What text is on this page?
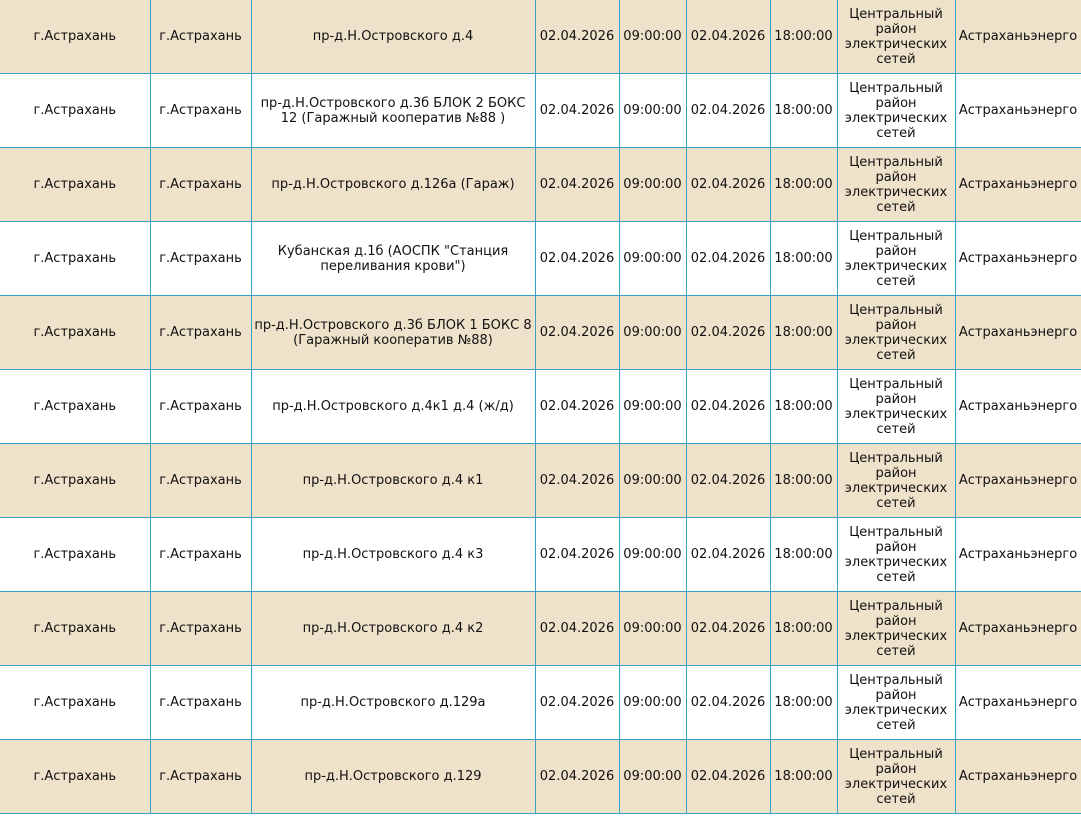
г.Астрахань	г.Астрахань	пр-д.Н.Островского д.4	02.04.2026	09:00:00	02.04.2026	18:00:00	Центральный район электрических сетей	Астраханьэнерго
г.Астрахань	г.Астрахань	пр-д.Н.Островского д.3б БЛОК 2 БОКС 12 (Гаражный кооператив №88 )	02.04.2026	09:00:00	02.04.2026	18:00:00	Центральный район электрических сетей	Астраханьэнерго
г.Астрахань	г.Астрахань	пр-д.Н.Островского д.126а (Гараж)	02.04.2026	09:00:00	02.04.2026	18:00:00	Центральный район электрических сетей	Астраханьэнерго
г.Астрахань	г.Астрахань	Кубанская д.1б (АОСПК "Станция переливания крови")	02.04.2026	09:00:00	02.04.2026	18:00:00	Центральный район электрических сетей	Астраханьэнерго
г.Астрахань	г.Астрахань	пр-д.Н.Островского д.3б БЛОК 1 БОКС 8 (Гаражный кооператив №88)	02.04.2026	09:00:00	02.04.2026	18:00:00	Центральный район электрических сетей	Астраханьэнерго
г.Астрахань	г.Астрахань	пр-д.Н.Островского д.4к1 д.4 (ж/д)	02.04.2026	09:00:00	02.04.2026	18:00:00	Центральный район электрических сетей	Астраханьэнерго
г.Астрахань	г.Астрахань	пр-д.Н.Островского д.4 к1	02.04.2026	09:00:00	02.04.2026	18:00:00	Центральный район электрических сетей	Астраханьэнерго
г.Астрахань	г.Астрахань	пр-д.Н.Островского д.4 к3	02.04.2026	09:00:00	02.04.2026	18:00:00	Центральный район электрических сетей	Астраханьэнерго
г.Астрахань	г.Астрахань	пр-д.Н.Островского д.4 к2	02.04.2026	09:00:00	02.04.2026	18:00:00	Центральный район электрических сетей	Астраханьэнерго
г.Астрахань	г.Астрахань	пр-д.Н.Островского д.129а	02.04.2026	09:00:00	02.04.2026	18:00:00	Центральный район электрических сетей	Астраханьэнерго
г.Астрахань	г.Астрахань	пр-д.Н.Островского д.129	02.04.2026	09:00:00	02.04.2026	18:00:00	Центральный район электрических сетей	Астраханьэнерго
